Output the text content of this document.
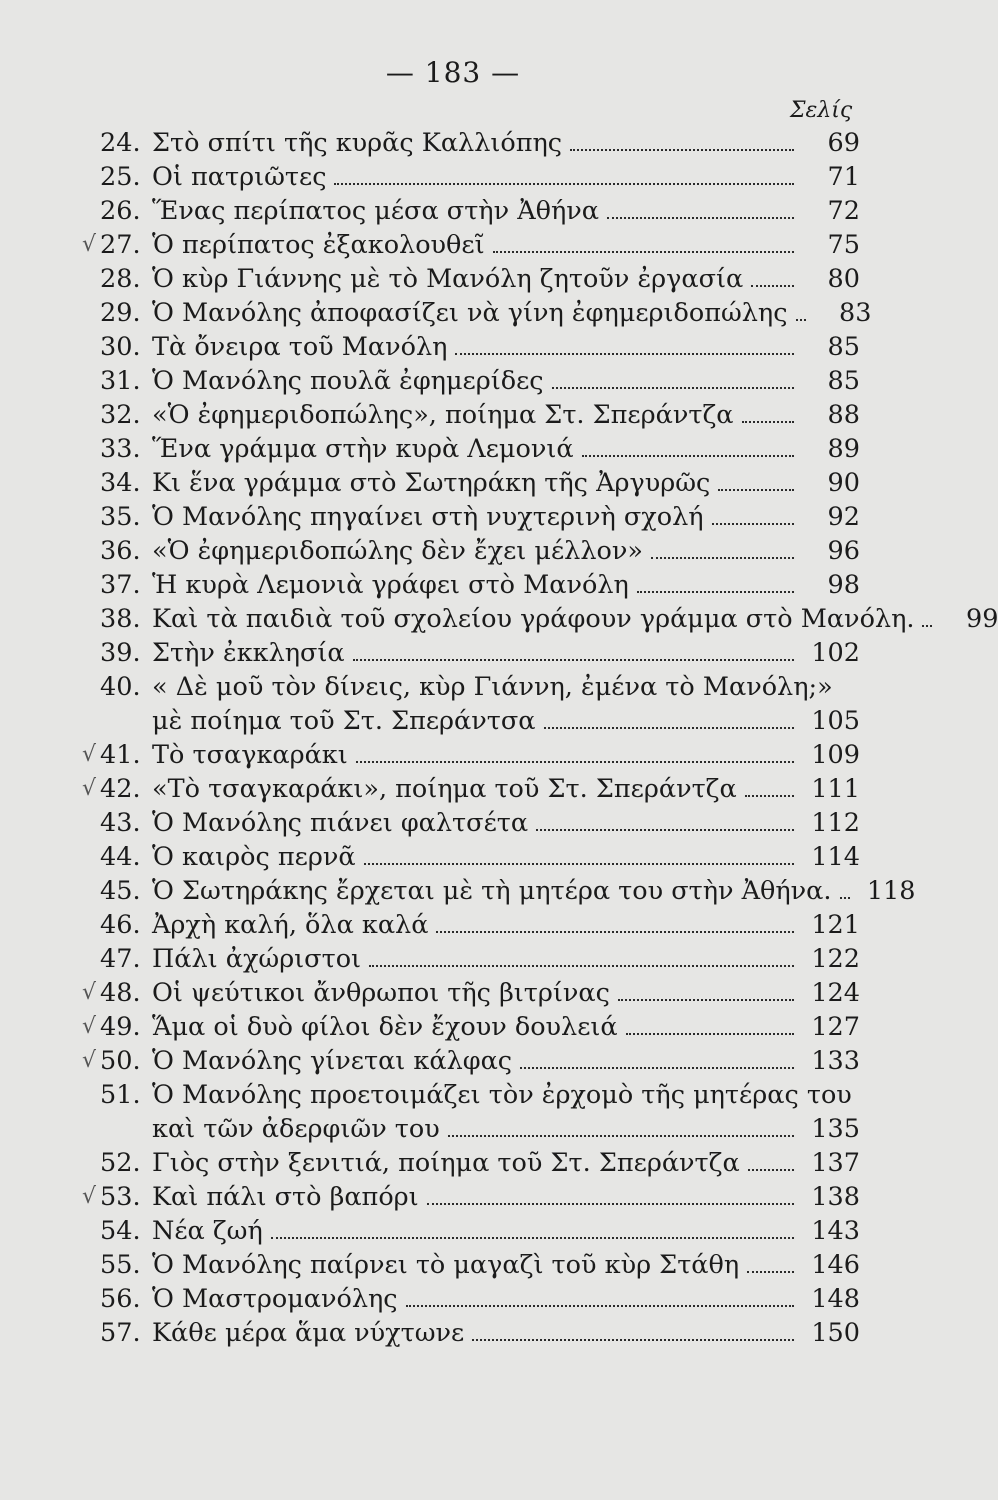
— 183 —
Σελίς
24. Στὸ σπίτι τῆς κυρᾶς Καλλιόπης	69
25. Οἱ πατριῶτες	71
26. Ἕνας περίπατος μέσα στὴν Ἀθήνα	72
√ 27. Ὁ περίπατος ἐξακολουθεῖ	75
28. Ὁ κὺρ Γιάννης μὲ τὸ Μανόλη ζητοῦν ἐργασία	80
29. Ὁ Μανόλης ἀποφασίζει νὰ γίνη ἐφημεριδοπώλης	83
30. Τὰ ὄνειρα τοῦ Μανόλη	85
31. Ὁ Μανόλης πουλᾶ ἐφημερίδες	85
32. «Ὁ ἐφημεριδοπώλης», ποίημα Στ. Σπεράντζα	88
33. Ἕνα γράμμα στὴν κυρὰ Λεμονιά	89
34. Κι ἕνα γράμμα στὸ Σωτηράκη τῆς Ἀργυρῶς	90
35. Ὁ Μανόλης πηγαίνει στὴ νυχτερινὴ σχολή	92
36. «Ὁ ἐφημεριδοπώλης δὲν ἔχει μέλλον»	96
37. Ἡ κυρὰ Λεμονιὰ γράφει στὸ Μανόλη	98
38. Καὶ τὰ παιδιὰ τοῦ σχολείου γράφουν γράμμα στὸ Μανόλη.	99
39. Στὴν ἐκκλησία	102
40. « Δὲ μοῦ τὸν δίνεις, κὺρ Γιάννη, ἐμένα τὸ Μανόλη;»
μὲ ποίημα τοῦ Στ. Σπεράντσα	105
√ 41. Τὸ τσαγκαράκι	109
√ 42. «Τὸ τσαγκαράκι», ποίημα τοῦ Στ. Σπεράντζα	111
43. Ὁ Μανόλης πιάνει φαλτσέτα	112
44. Ὁ καιρὸς περνᾶ	114
45. Ὁ Σωτηράκης ἔρχεται μὲ τὴ μητέρα του στὴν Ἀθήνα. 118
46. Ἀρχὴ καλή, ὅλα καλά	121
47. Πάλι ἀχώριστοι	122
√ 48. Οἱ ψεύτικοι ἄνθρωποι τῆς βιτρίνας	124
√ 49. Ἅμα οἱ δυὸ φίλοι δὲν ἔχουν δουλειά	127
√ 50. Ὁ Μανόλης γίνεται κάλφας	133
51. Ὁ Μανόλης προετοιμάζει τὸν ἐρχομὸ τῆς μητέρας του
καὶ τῶν ἀδερφιῶν του	135
52. Γιὸς στὴν ξενιτιά, ποίημα τοῦ Στ. Σπεράντζα	137
√ 53. Καὶ πάλι στὸ βαπόρι	138
54. Νέα ζωή	143
55. Ὁ Μανόλης παίρνει τὸ μαγαζὶ τοῦ κὺρ Στάθη	146
56. Ὁ Μαστρομανόλης	148
57. Κάθε μέρα ἅμα νύχτωνε	150
